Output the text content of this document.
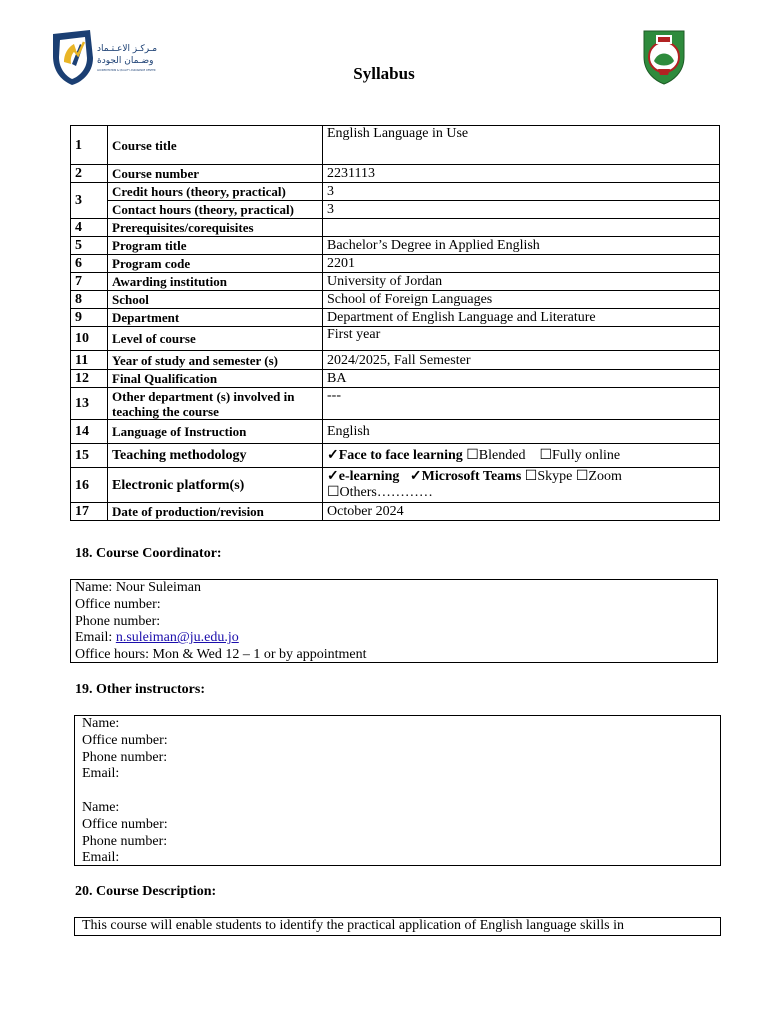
مـركـز الاعـتـماد
وضـمان الجودة
ACCREDITATION & QUALITY ASSURANCE CENTER	Syllabus
1	Course title	English Language in Use
2	Course number	2231113
3	Credit hours (theory, practical)	3
	Contact hours (theory, practical)	3
4	Prerequisites/corequisites	
5	Program title	Bachelor’s Degree in Applied English
6	Program code	2201
7	Awarding institution	University of Jordan
8	School	School of Foreign Languages
9	Department	Department of English Language and Literature
10	Level of course	First year
11	Year of study and semester (s)	2024/2025, Fall Semester
12	Final Qualification	BA
13	Other department (s) involved in teaching the course	---
14	Language of Instruction	English
15	Teaching methodology	✓Face to face learning ☐Blended ☐Fully online
16	Electronic platform(s)	✓e-learning ✓Microsoft Teams ☐Skype ☐Zoom
☐Others…………
17	Date of production/revision	October 2024
18. Course Coordinator:
Name: Nour Suleiman
Office number:
Phone number:
Email: n.suleiman@ju.edu.jo
Office hours: Mon & Wed 12 – 1 or by appointment
19. Other instructors:
Name:
Office number:
Phone number:
Email:
Name:
Office number:
Phone number:
Email:
20. Course Description:
This course will enable students to identify the practical application of English language skills in
